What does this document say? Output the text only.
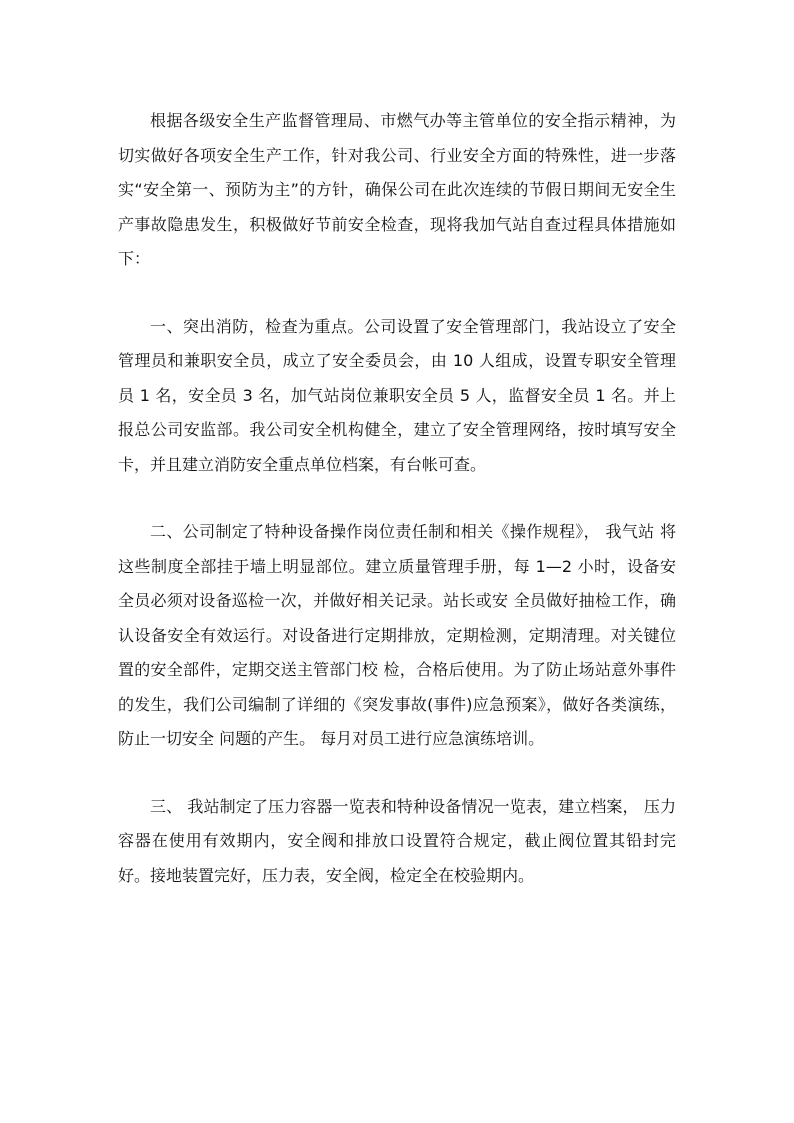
根据各级安全生产监督管理局、市燃气办等主管单位的安全指示精神，为切实做好各项安全生产工作，针对我公司、行业安全方面的特殊性，进一步落实“安全第一、预防为主”的方针，确保公司在此次连续的节假日期间无安全生产事故隐患发生，积极做好节前安全检查，现将我加气站自查过程具体措施如下：

一、突出消防，检查为重点。公司设置了安全管理部门，我站设立了安全管理员和兼职安全员，成立了安全委员会，由 10 人组成，设置专职安全管理员 1 名，安全员 3 名，加气站岗位兼职安全员 5 人，监督安全员 1 名。并上报总公司安监部。我公司安全机构健全，建立了安全管理网络，按时填写安全卡，并且建立消防安全重点单位档案，有台帐可查。

二、公司制定了特种设备操作岗位责任制和相关《操作规程》， 我气站 将这些制度全部挂于墙上明显部位。建立质量管理手册，每 1—2 小时，设备安全员必须对设备巡检一次，并做好相关记录。站长或安 全员做好抽检工作，确认设备安全有效运行。对设备进行定期排放，定期检测，定期清理。对关键位置的安全部件，定期交送主管部门校 检，合格后使用。为了防止场站意外事件的发生，我们公司编制了详细的《突发事故(事件)应急预案》，做好各类演练，防止一切安全 问题的产生。 每月对员工进行应急演练培训。

三、 我站制定了压力容器一览表和特种设备情况一览表，建立档案， 压力容器在使用有效期内，安全阀和排放口设置符合规定，截止阀位置其铅封完好。接地装置完好，压力表，安全阀，检定全在校验期内。
